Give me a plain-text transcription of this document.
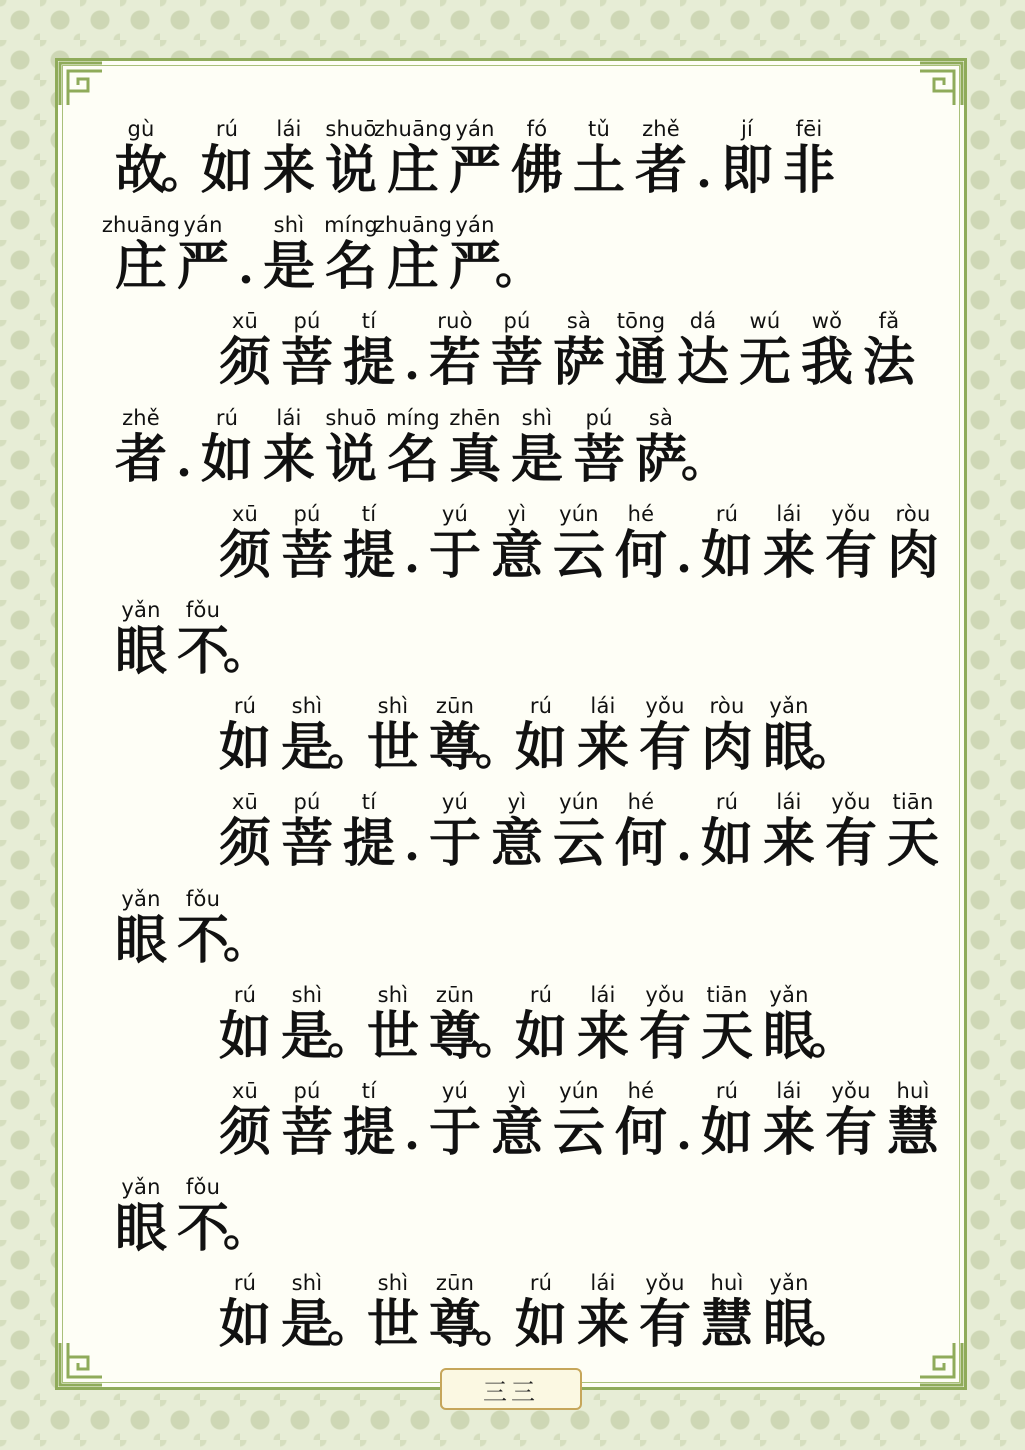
gù
故
。
rú
如
lái
来
shuō
说
zhuāng
庄
yán
严
fó
佛
tǔ
土
zhě
者 .
jí
即
fēi
非
zhuāng
庄
yán
严 .
shì
是
míng
名
zhuāng
庄
yán
严
。
xū
须
pú
菩
tí
提 .
ruò
若
pú
菩
sà
萨
tōng
通
dá
达
wú
无
wǒ
我
fǎ
法
zhě
者 .
rú
如
lái
来
shuō
说
míng
名
zhēn
真
shì
是
pú
菩
sà
萨
。
xū
须
pú
菩
tí
提 .
yú
于
yì
意
yún
云
hé
何 .
rú
如
lái
来
yǒu
有
ròu
肉
yǎn
眼
fǒu
不
。
rú
如
shì
是
。
shì
世
zūn
尊
。
rú
如
lái
来
yǒu
有
ròu
肉
yǎn
眼
。
xū
须
pú
菩
tí
提 .
yú
于
yì
意
yún
云
hé
何 .
rú
如
lái
来
yǒu
有
tiān
天
yǎn
眼
fǒu
不
。
rú
如
shì
是
。
shì
世
zūn
尊
。
rú
如
lái
来
yǒu
有
tiān
天
yǎn
眼
。
xū
须
pú
菩
tí
提 .
yú
于
yì
意
yún
云
hé
何 .
rú
如
lái
来
yǒu
有
huì
慧
yǎn
眼
fǒu
不
。
rú
如
shì
是
。
shì
世
zūn
尊
。
rú
如
lái
来
yǒu
有
huì
慧
yǎn
眼
。
三三
